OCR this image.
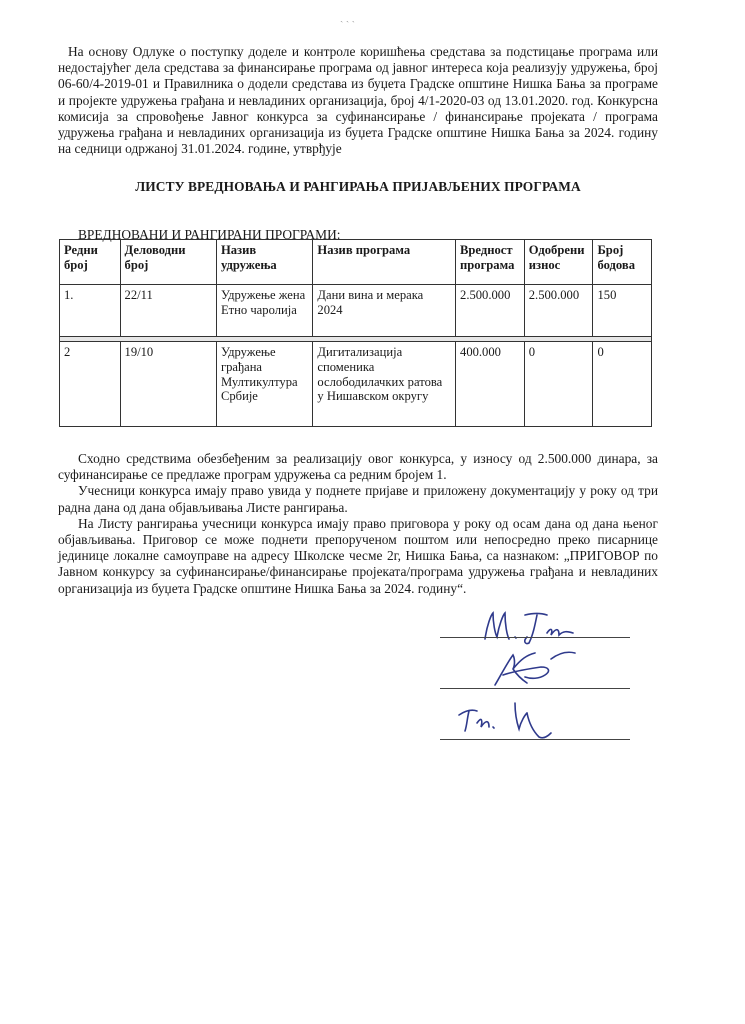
ˏ ˎ ˏ

На основу Одлуке о поступку доделе и контроле коришћења средстава за подстицање програма или недостајућег дела средстава за финансирање програма од јавног интереса која реализују удружења, број 06-60/4-2019-01 и Правилника о додели средстава из буџета Градске општине Нишка Бања за програме и пројекте удружења грађана и невладиних организација, број 4/1-2020-03 од 13.01.2020. год. Конкурсна комисија за спровођење Јавног конкурса за суфинансирање / финансирање пројеката / програма удружења грађана и невладиних организација из буџета Градске општине Нишка Бања за 2024. годину на седници одржаној 31.01.2024. године, утврђује

ЛИСТУ ВРЕДНОВАЊА И РАНГИРАЊА ПРИЈАВЉЕНИХ ПРОГРАМА

ВРЕДНОВАНИ И РАНГИРАНИ ПРОГРАМИ:

Редни број	Деловодни број	Назив удружења	Назив програма	Вредност програма	Одобрени износ	Број бодова
1.	22/11	Удружење жена Етно чаролија	Дани вина и мерака 2024	2.500.000	2.500.000	150

2	19/10	Удружење грађана Мултикултура Србије	Дигитализација споменика ослободилачких ратова у Нишавском округу	400.000	0	0

Сходно средствима обезбеђеним за реализацију овог конкурса, у износу од 2.500.000 динара, за суфинансирање се предлаже програм удружења са редним бројем 1.

Учесници конкурса имају право увида у поднете пријаве и приложену документацију у року од три радна дана од дана објављивања Листе рангирања.

На Листу рангирања учесници конкурса имају право приговора у року од осам дана од дана њеног објављивања. Приговор се може поднети препорученом поштом или непосредно преко писарнице јединице локалне самоуправе на адресу Школске чесме 2г, Нишка Бања, са назнаком: „ПРИГОВОР по Јавном конкурсу за суфинансирање/финансирање пројеката/програма удружења грађана и невладиних организација из буџета Градске општине Нишка Бања за 2024. годину“.
